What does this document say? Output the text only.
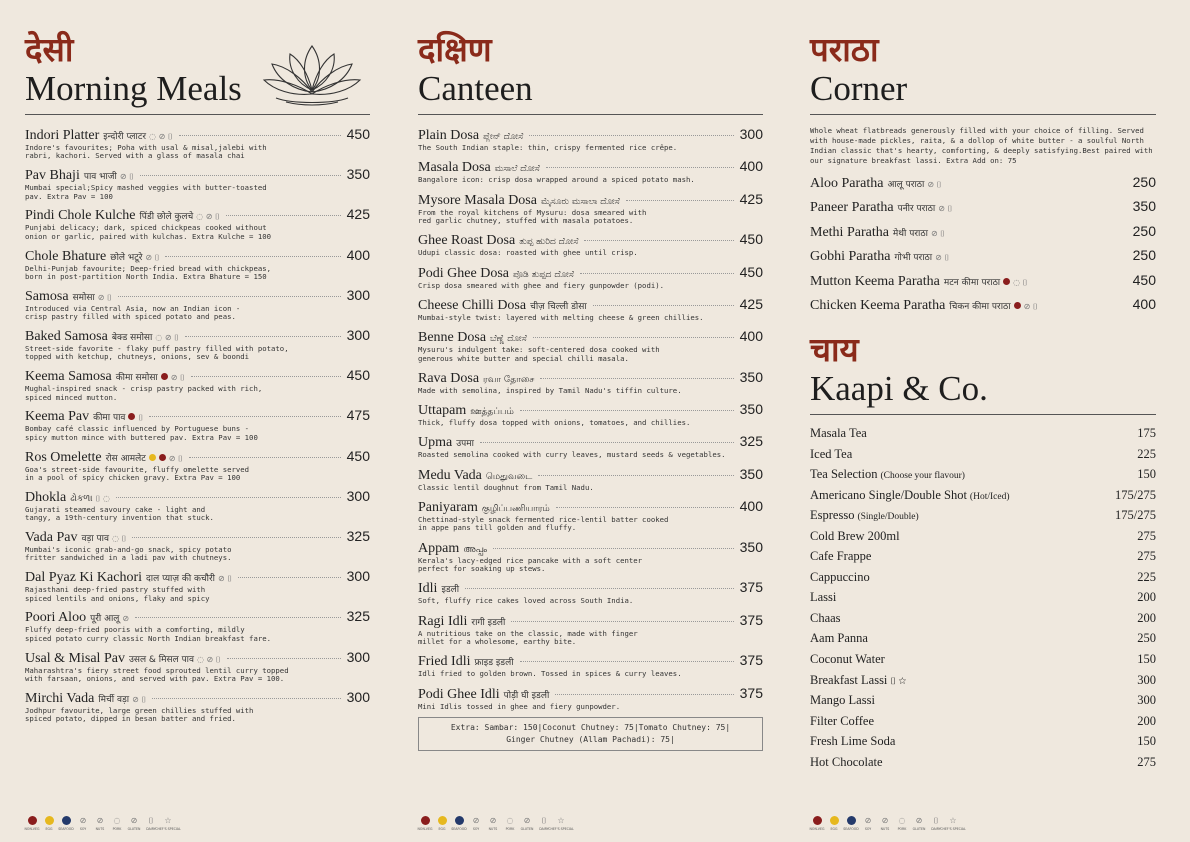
देसी
Morning Meals
Indori Platter इन्दोरी प्लाटर ◌ ⊘ ⌷	450
Indore's favourites; Poha with usal & misal,jalebi with
rabri, kachori. Served with a glass of masala chai
Pav Bhaji पाव भाजी ⊘ ⌷	350
Mumbai special;Spicy mashed veggies with butter-toasted
pav. Extra Pav = 100
Pindi Chole Kulche पिंडी छोले कुलचे ◌ ⊘ ⌷	425
Punjabi delicacy; dark, spiced chickpeas cooked without
onion or garlic, paired with kulchas. Extra Kulche = 100
Chole Bhature छोले भटूरे ⊘ ⌷	400
Delhi-Punjab favourite; Deep-fried bread with chickpeas,
born in post-partition North India. Extra Bhature = 150
Samosa समोसा ⊘ ⌷	300
Introduced via Central Asia, now an Indian icon -
crisp pastry filled with spiced potato and peas.
Baked Samosa बेक्ड समोसा ◌ ⊘ ⌷	300
Street-side favorite - flaky puff pastry filled with potato,
topped with ketchup, chutneys, onions, sev & boondi
Keema Samosa कीमा समोसा ⊘ ⌷	450
Mughal-inspired snack - crisp pastry packed with rich,
spiced minced mutton.
Keema Pav कीमा पाव ⌷	475
Bombay café classic influenced by Portuguese buns -
spicy mutton mince with buttered pav. Extra Pav = 100
Ros Omelette रोस आमलेट	⊘ ⌷	450
Goa's street-side favourite, fluffy omelette served
in a pool of spicy chicken gravy. Extra Pav = 100
Dhokla ઢોકળા ⌷ ◌	300
Gujarati steamed savoury cake - light and
tangy, a 19th-century invention that stuck.
Vada Pav वड़ा पाव ◌ ⌷	325
Mumbai's iconic grab-and-go snack, spicy potato
fritter sandwiched in a ladi pav with chutneys.
Dal Pyaz Ki Kachori दाल प्याज़ की कचौरी ⊘ ⌷	300
Rajasthani deep-fried pastry stuffed with
spiced lentils and onions, flaky and spicy
Poori Aloo पूरी आलू ⊘	325
Fluffy deep-fried pooris with a comforting, mildly
spiced potato curry classic North Indian breakfast fare.
Usal & Misal Pav उसल & मिसल पाव ◌ ⊘ ⌷	300
Maharashtra's fiery street food sprouted lentil curry topped
with farsaan, onions, and served with pav. Extra Pav = 100.
Mirchi Vada मिर्ची वड़ा ⊘ ⌷	300
Jodhpur favourite, large green chillies stuffed with
spiced potato, dipped in besan batter and fried.
दक्षिण
Canteen
Plain Dosa ಪ್ಲೇನ್ ದೋಸೆ	300
The South Indian staple: thin, crispy fermented rice crêpe.
Masala Dosa ಮಸಾಲೆ ದೋಸೆ	400
Bangalore icon: crisp dosa wrapped around a spiced potato mash.
Mysore Masala Dosa ಮೈಸೂರು ಮಸಾಲಾ ದೋಸೆ	425
From the royal kitchens of Mysuru: dosa smeared with
red garlic chutney, stuffed with masala potatoes.
Ghee Roast Dosa ತುಪ್ಪ ಹುರಿದ ದೋಸೆ	450
Udupi classic dosa: roasted with ghee until crisp.
Podi Ghee Dosa ಪೊಡಿ ತುಪ್ಪದ ದೋಸೆ	450
Crisp dosa smeared with ghee and fiery gunpowder (podi).
Cheese Chilli Dosa चीज़ चिल्ली डोसा	425
Mumbai-style twist: layered with melting cheese & green chillies.
Benne Dosa ಬೆಣ್ಣೆ ದೋಸೆ	400
Mysuru's indulgent take: soft-centered dosa cooked with
generous white butter and special chilli masala.
Rava Dosa ரவா தோசை	350
Made with semolina, inspired by Tamil Nadu's tiffin culture.
Uttapam ஊத்தப்பம்	350
Thick, fluffy dosa topped with onions, tomatoes, and chillies.
Upma उपमा	325
Roasted semolina cooked with curry leaves, mustard seeds & vegetables.
Medu Vada மெதுவடை	350
Classic lentil doughnut from Tamil Nadu.
Paniyaram குழிப்பணியாரம்	400
Chettinad-style snack fermented rice-lentil batter cooked
in appe pans till golden and fluffy.
Appam അപ്പം	350
Kerala's lacy-edged rice pancake with a soft center
perfect for soaking up stews.
Idli इडली	375
Soft, fluffy rice cakes loved across South India.
Ragi Idli रागी इडली	375
A nutritious take on the classic, made with finger
millet for a wholesome, earthy bite.
Fried Idli फ्राइड इडली	375
Idli fried to golden brown. Tossed in spices & curry leaves.
Podi Ghee Idli पोड़ी घी इडली	375
Mini Idlis tossed in ghee and fiery gunpowder.
Extra: Sambar: 150|Coconut Chutney: 75|Tomato Chutney: 75|
Ginger Chutney (Allam Pachadi): 75|
पराठा
Corner
Whole wheat flatbreads generously filled with your choice of filling. Served with house-made pickles, raita, & a dollop of white butter - a soulful North Indian classic that's hearty, comforting, & deeply satisfying.Best paired with our signature breakfast lassi. Extra Add on: 75
Aloo Paratha आलू पराठा ⊘ ⌷	250
Paneer Paratha पनीर पराठा ⊘ ⌷	350
Methi Paratha मेथी पराठा ⊘ ⌷	250
Gobhi Paratha गोभी पराठा ⊘ ⌷	250
Mutton Keema Paratha मटन कीमा पराठा ◌ ⌷	450
Chicken Keema Paratha चिकन कीमा पराठा ⊘ ⌷	400
चाय
Kaapi & Co.
Masala Tea	175
Iced Tea	225
Tea Selection (Choose your flavour)	150
Americano Single/Double Shot (Hot/Iced)	175/275
Espresso (Single/Double)	175/275
Cold Brew 200ml	275
Cafe Frappe	275
Cappuccino	225
Lassi	200
Chaas	200
Aam Panna	250
Coconut Water	150
Breakfast Lassi ⌷ ☆	300
Mango Lassi	300
Filter Coffee	200
Fresh Lime Soda	150
Hot Chocolate	275
NON-VEG EGG SEAFOOD
⊘
SOY
⊘
NUTS
◌
PORK
⊘
GLUTEN
⌷
DAIRY
☆
CHEF'S SPECIAL	NON-VEG EGG SEAFOOD
⊘
SOY
⊘
NUTS
◌
PORK
⊘
GLUTEN
⌷
DAIRY
☆
CHEF'S SPECIAL	NON-VEG EGG SEAFOOD
⊘
SOY
⊘
NUTS
◌
PORK
⊘
GLUTEN
⌷
DAIRY
☆
CHEF'S SPECIAL
